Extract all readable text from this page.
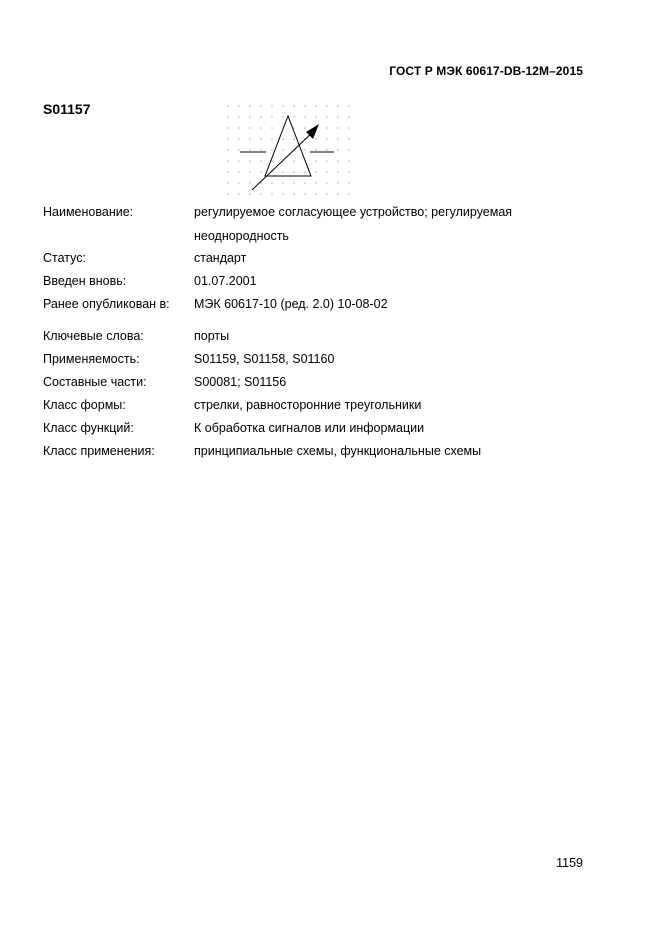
ГОСТ Р МЭК 60617-DB-12M–2015
S01157
Наименование:	регулируемое согласующее устройство; регулируемая
неоднородность
Статус:	стандарт
Введен вновь:	01.07.2001
Ранее опубликован в: МЭК 60617-10 (ред. 2.0) 10-08-02
Ключевые слова:	порты
Применяемость:	S01159, S01158, S01160
Составные части:	S00081; S01156
Класс формы:	стрелки, равносторонние треугольники
Класс функций:	К обработка сигналов или информации
Класс применения:	принципиальные схемы, функциональные схемы
1159
